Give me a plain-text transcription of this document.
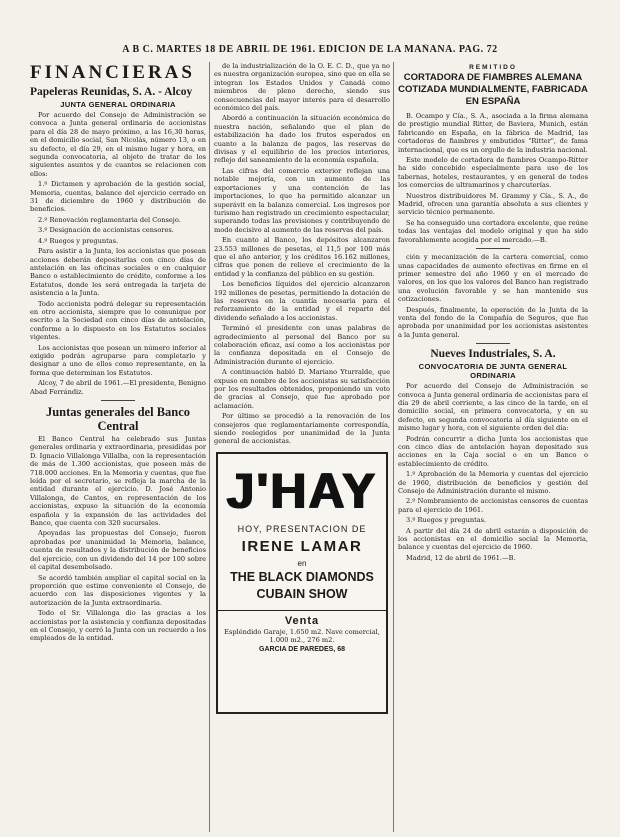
A B C. MARTES 18 DE ABRIL DE 1961. EDICION DE LA MAÑANA. PAG. 72
FINANCIERAS
Papeleras Reunidas, S. A. - Alcoy
JUNTA GENERAL ORDINARIA

Por acuerdo del Consejo de Administración se convoca a Junta general ordinaria de accionistas para el día 28 de mayo próximo, a las 16,30 horas, en el domicilio social, San Nicolás, número 13, o en su defecto, el día 29, en el mismo lugar y hora, en segunda convocatoria, al objeto de tratar de los siguientes asuntos y de cuantos se relacionen con ellos:

1.º Dictamen y aprobación de la gestión social, Memoria, cuentas, balance del ejercicio cerrado en 31 de diciembre de 1960 y distribución de beneficios.

2.º Renovación reglamentaria del Consejo.

3.º Designación de accionistas censores.

4.º Ruegos y preguntas.

Para asistir a la Junta, los accionistas que posean acciones deberán depositarlas con cinco días de antelación en las oficinas sociales o en cualquier Banco o establecimiento de crédito, conforme a los Estatutos, donde les será entregada la tarjeta de asistencia a la Junta.

Todo accionista podrá delegar su representación en otro accionista, siempre que lo comunique por escrito a la Sociedad con cinco días de antelación, conforme a lo dispuesto en los Estatutos sociales vigentes.

Los accionistas que posean un número inferior al exigido podrán agruparse para completarlo y designar a uno de ellos como representante, en la forma que determinan los Estatutos.

Alcoy, 7 de abril de 1961.—El presidente, Benigno Abad Ferrándiz.

Juntas generales del Banco Central

El Banco Central ha celebrado sus Juntas generales ordinaria y extraordinaria, presididas por D. Ignacio Villalonga Villalba, con la representación de más de 1.300 accionistas, que poseen más de 718.000 acciones. En la Memoria y cuentas, que fue leída por el secretario, se refleja la marcha de la entidad durante el ejercicio. D. José Antonio Villalonga, de Cantos, en representación de los accionistas, expuso la situación de la economía española y la expansión de las actividades del Banco, que cuenta con 320 sucursales.

Apoyadas las propuestas del Consejo, fueron aprobadas por unanimidad la Memoria, balance, cuenta de resultados y la distribución de beneficios del ejercicio, con un dividendo del 14 por 100 sobre el capital desembolsado.

Se acordó también ampliar el capital social en la proporción que estime conveniente el Consejo, de acuerdo con las disposiciones vigentes y la autorización de la Junta extraordinaria.

Todo el Sr. Villalonga dio las gracias a los accionistas por la asistencia y confianza depositadas en el Consejo, y cerró la Junta con un recuerdo a los empleados de la entidad.

de la industrialización de la O. E. C. D., que ya no es nuestra organización europea, sino que en ella se integran los Estados Unidos y Canadá como miembros de pleno derecho, siendo sus consecuencias del mayor interés para el desarrollo económico del país.

Abordó a continuación la situación económica de nuestra nación, señalando que el plan de estabilización ha dado los frutos esperados en cuanto a la balanza de pagos, las reservas de divisas y el equilibrio de los precios interiores, reflejo del saneamiento de la economía española.

Las cifras del comercio exterior reflejan una notable mejoría, con un aumento de las exportaciones y una contención de las importaciones, lo que ha permitido alcanzar un superávit en la balanza comercial. Los ingresos por turismo han registrado un crecimiento espectacular, superando todas las previsiones y contribuyendo de modo decisivo al aumento de las reservas del país.

En cuanto al Banco, los depósitos alcanzaron 23.553 millones de pesetas, el 11,5 por 100 más que el año anterior, y los créditos 16.162 millones, cifras que ponen de relieve el crecimiento de la entidad y la confianza del público en su gestión.

Los beneficios líquidos del ejercicio alcanzaron 192 millones de pesetas, permitiendo la dotación de las reservas en la cuantía necesaria para el reforzamiento de la entidad y el reparto del dividendo señalado a los accionistas.

Terminó el presidente con unas palabras de agradecimiento al personal del Banco por su colaboración eficaz, así como a los accionistas por la confianza depositada en el Consejo de Administración durante el ejercicio.

A continuación habló D. Mariano Yturralde, que expuso en nombre de los accionistas su satisfacción por los resultados obtenidos, proponiendo un voto de gracias al Consejo, que fue aprobado por aclamación.

Por último se procedió a la renovación de los consejeros que reglamentariamente correspondía, siendo reelegidos por unanimidad de la Junta general de accionistas.

J'HAY
HOY, PRESENTACION DE
IRENE LAMAR
en
THE BLACK DIAMONDS
CUBAIN SHOW
Venta
Espléndido Garaje, 1.650 m2. Nave comercial, 1.000 m2., 276 m2.
GARCIA DE PAREDES, 68
REMITIDO
CORTADORA DE FIAMBRES ALEMANA COTIZADA MUNDIALMENTE, FABRICADA EN ESPAÑA

B. Ocampo y Cía., S. A., asociada a la firma alemana de prestigio mundial Ritter, de Baviera, Munich, están fabricando en España, en la fábrica de Madrid, las cortadoras de fiambres y embutidos "Ritter", de fama internacional, que es un orgullo de la industria nacional.

Este modelo de cortadora de fiambres Ocampo-Ritter ha sido concebido especialmente para uso de los tabernas, hoteles, restaurantes, y en general de todos los comercios de ultramarinos y charcuterías.

Nuestros distribuidores M. Grammy y Cía., S. A., de Madrid, ofrecen una garantía absoluta a sus clientes y servicio técnico permanente.

Se ha conseguido una cortadora excelente, que reúne todas las ventajas del modelo original y que ha sido favorablemente acogida por el mercado.—B.

ción y mecanización de la cartera comercial, como unas capacidades de aumento efectivas en firme en el primer semestre del año 1960 y en el mercado de valores, en los que los valores del Banco han registrado una evolución favorable y se han mantenido sus cotizaciones.

Después, finalmente, la operación de la Junta de la venta del fondo de la Compañía de Seguros, que fue aprobada por unanimidad por los accionistas asistentes a la Junta general.

Nueves Industriales, S. A.
CONVOCATORIA DE JUNTA GENERAL ORDINARIA

Por acuerdo del Consejo de Administración se convoca a Junta general ordinaria de accionistas para el día 29 de abril corriente, a las cinco de la tarde, en el domicilio social, en primera convocatoria, y en su defecto, en segunda convocatoria al día siguiente en el mismo lugar y hora, con el siguiente orden del día:

Podrán concurrir a dicha Junta los accionistas que con cinco días de antelación hayan depositado sus acciones en la Caja social o en un Banco o establecimiento de crédito.

1.º Aprobación de la Memoria y cuentas del ejercicio de 1960, distribución de beneficios y gestión del Consejo de Administración durante el mismo.

2.º Nombramiento de accionistas censores de cuentas para el ejercicio de 1961.

3.º Ruegos y preguntas.

A partir del día 24 de abril estarán a disposición de los accionistas en el domicilio social la Memoria, balance y cuentas del ejercicio de 1960.

Madrid, 12 de abril de 1961.—B.
